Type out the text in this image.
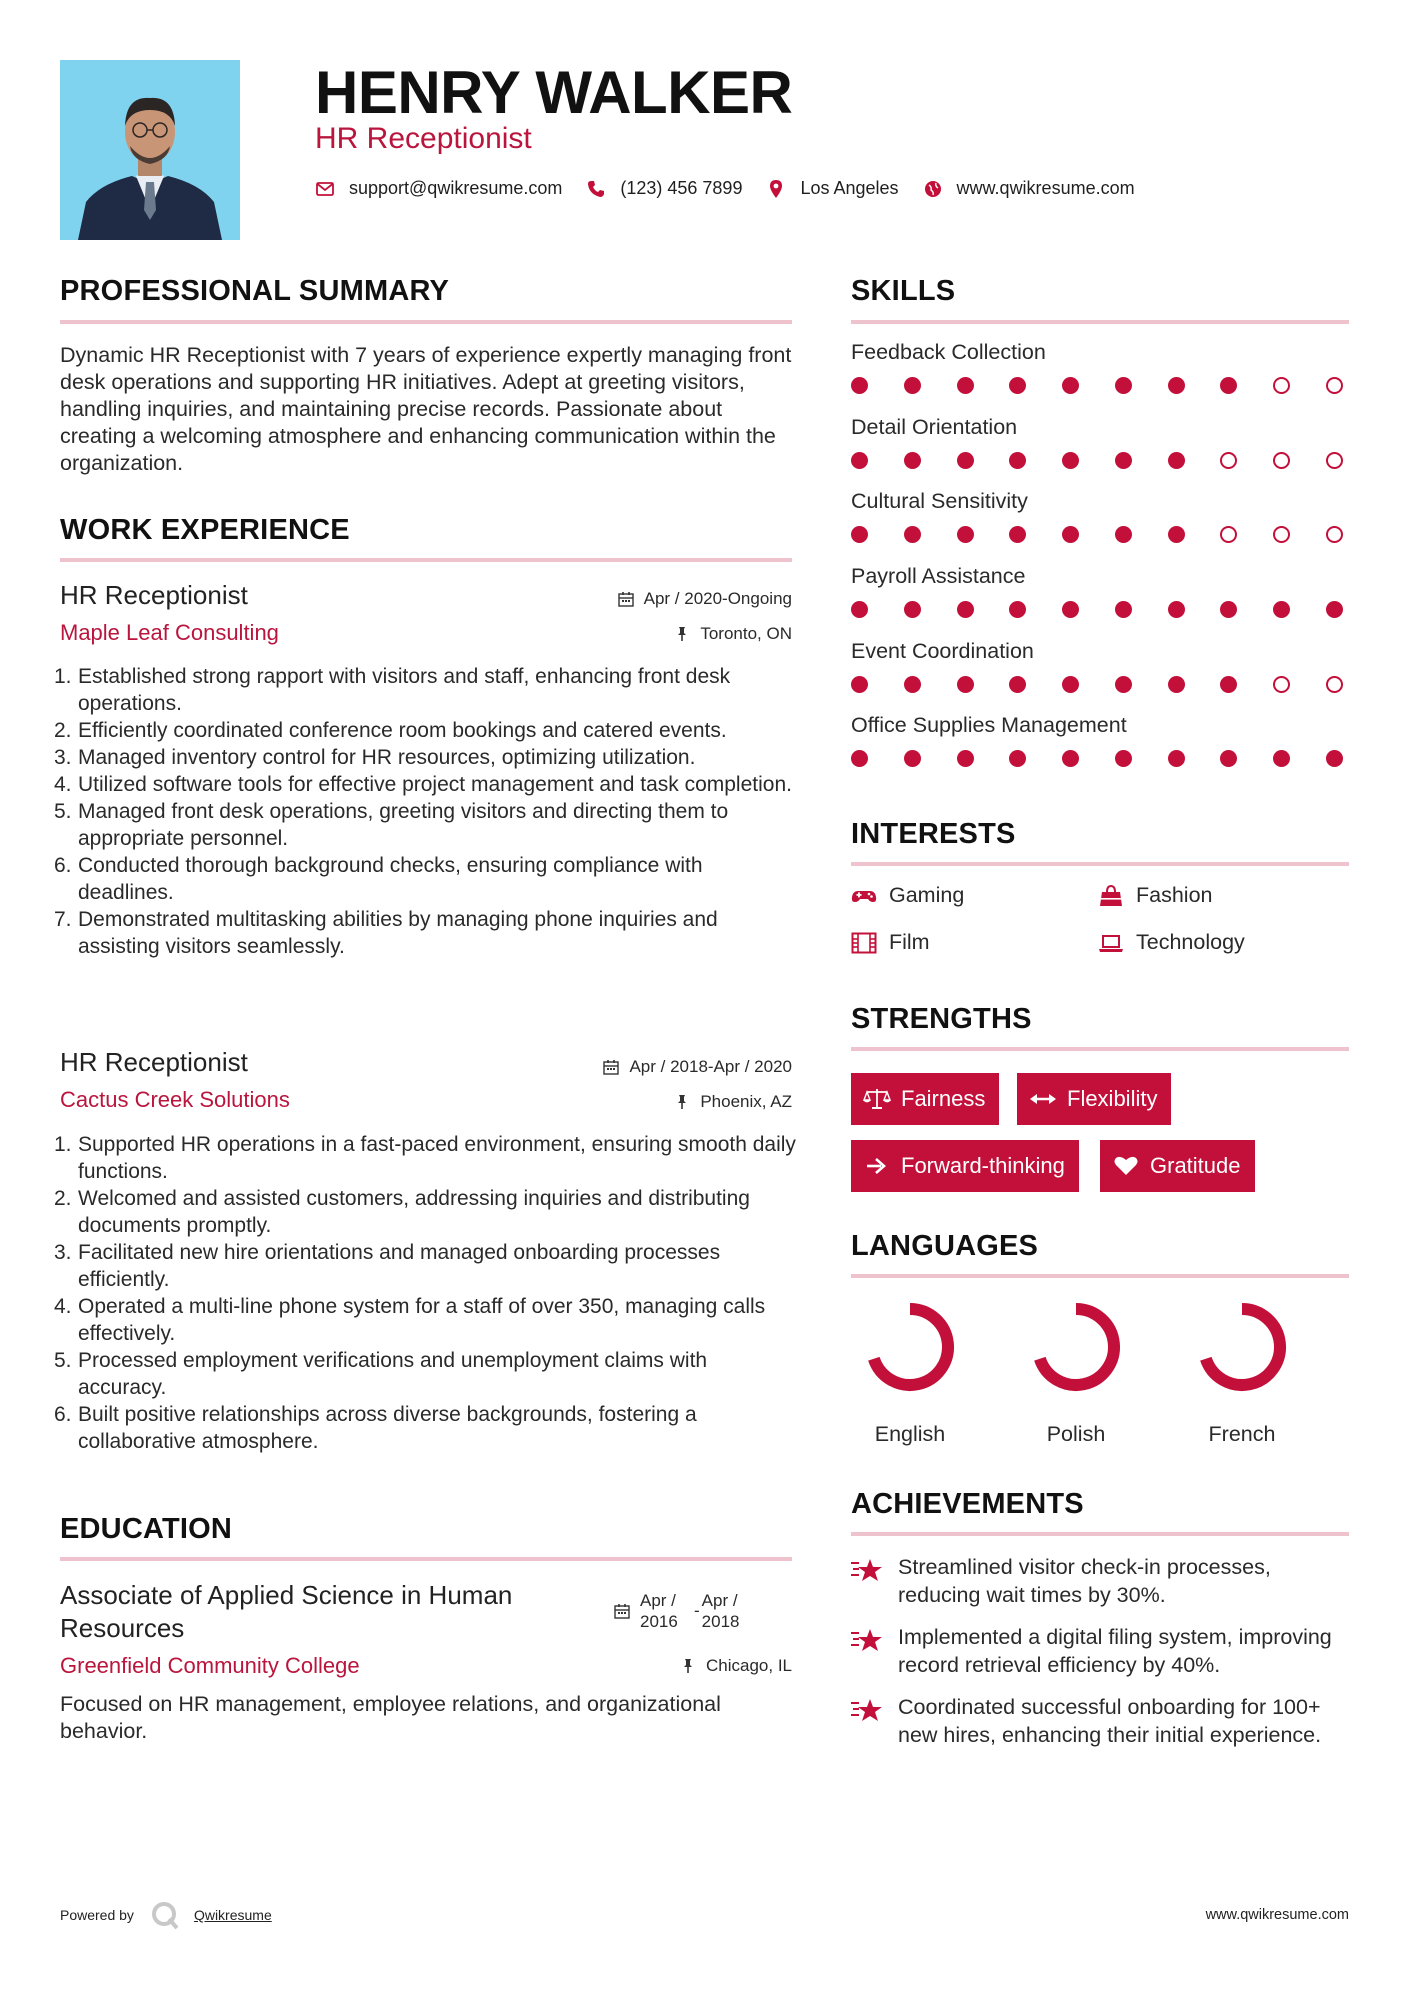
HENRY WALKER
HR Receptionist
support@qwikresume.com	(123) 456 7899	Los Angeles	www.qwikresume.com
PROFESSIONAL SUMMARY
Dynamic HR Receptionist with 7 years of experience expertly managing front desk operations and supporting HR initiatives. Adept at greeting visitors, handling inquiries, and maintaining precise records. Passionate about creating a welcoming atmosphere and enhancing communication within the organization.
WORK EXPERIENCE
HR Receptionist	Apr / 2020-Ongoing
Maple Leaf Consulting	Toronto, ON
1. Established strong rapport with visitors and staff, enhancing front desk operations.
2. Efficiently coordinated conference room bookings and catered events.
3. Managed inventory control for HR resources, optimizing utilization.
4. Utilized software tools for effective project management and task completion.
5. Managed front desk operations, greeting visitors and directing them to appropriate personnel.
6. Conducted thorough background checks, ensuring compliance with deadlines.
7. Demonstrated multitasking abilities by managing phone inquiries and assisting visitors seamlessly.
HR Receptionist	Apr / 2018-Apr / 2020
Cactus Creek Solutions	Phoenix, AZ
1. Supported HR operations in a fast-paced environment, ensuring smooth daily functions.
2. Welcomed and assisted customers, addressing inquiries and distributing documents promptly.
3. Facilitated new hire orientations and managed onboarding processes efficiently.
4. Operated a multi-line phone system for a staff of over 350, managing calls effectively.
5. Processed employment verifications and unemployment claims with accuracy.
6. Built positive relationships across diverse backgrounds, fostering a collaborative atmosphere.
EDUCATION
Associate of Applied Science in Human Resources
Apr / 2016
-
Apr / 2018
Greenfield Community College	Chicago, IL
Focused on HR management, employee relations, and organizational behavior.
SKILLS
Feedback Collection
Detail Orientation
Cultural Sensitivity
Payroll Assistance
Event Coordination
Office Supplies Management
INTERESTS
Gaming	Fashion
Film	Technology
STRENGTHS
Fairness	Flexibility
Forward-thinking	Gratitude
LANGUAGES
English	Polish	French
ACHIEVEMENTS
Streamlined visitor check-in processes, reducing wait times by 30%.
Implemented a digital filing system, improving record retrieval efficiency by 40%.
Coordinated successful onboarding for 100+ new hires, enhancing their initial experience.
Powered by	Qwikresume	www.qwikresume.com
